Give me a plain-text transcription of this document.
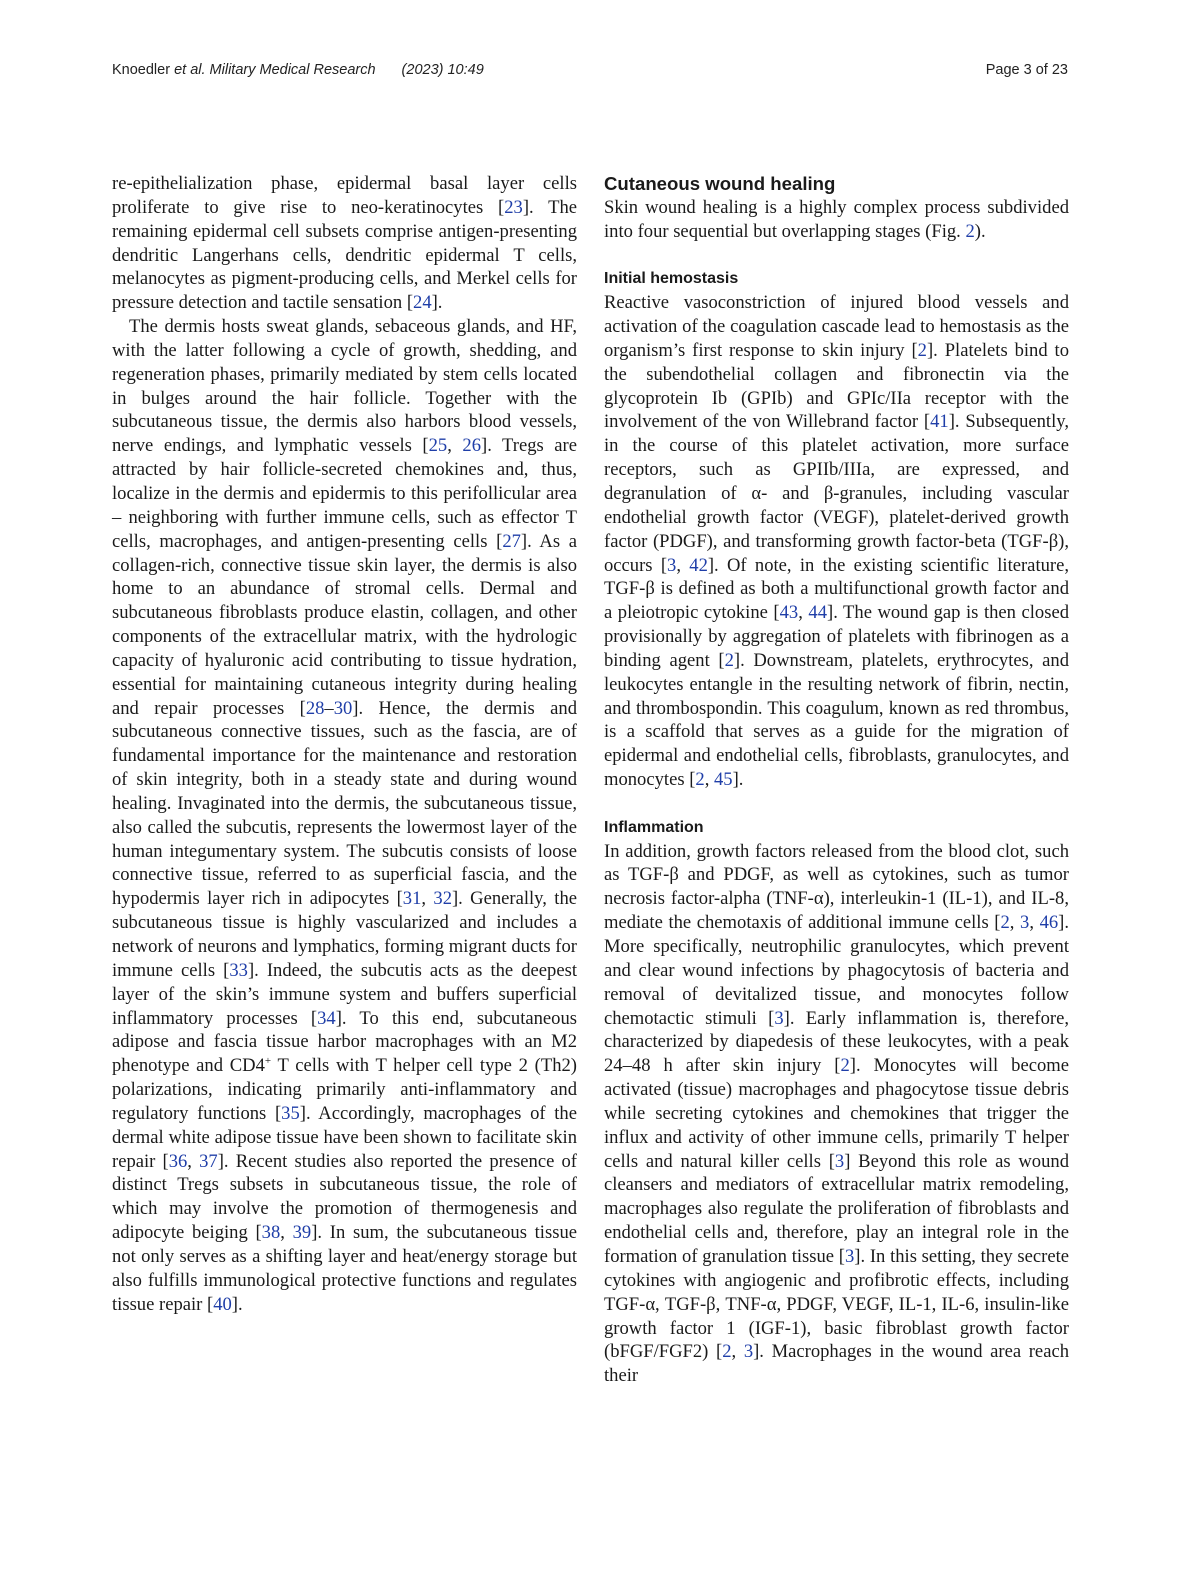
Knoedler et al. Military Medical Research (2023) 10:49	Page 3 of 23

re-epithelialization phase, epidermal basal layer cells proliferate to give rise to neo-keratinocytes [23]. The remaining epidermal cell subsets comprise antigen-presenting dendritic Langerhans cells, dendritic epidermal T cells, melanocytes as pigment-producing cells, and Merkel cells for pressure detection and tactile sensation [24].

The dermis hosts sweat glands, sebaceous glands, and HF, with the latter following a cycle of growth, shedding, and regeneration phases, primarily mediated by stem cells located in bulges around the hair follicle. Together with the subcutaneous tissue, the dermis also harbors blood vessels, nerve endings, and lymphatic vessels [25, 26]. Tregs are attracted by hair follicle-secreted chemokines and, thus, localize in the dermis and epidermis to this perifollicular area – neighboring with further immune cells, such as effector T cells, macrophages, and antigen-presenting cells [27]. As a collagen-rich, connective tissue skin layer, the dermis is also home to an abundance of stromal cells. Dermal and subcutaneous fibroblasts produce elastin, collagen, and other components of the extracellular matrix, with the hydrologic capacity of hyaluronic acid contributing to tissue hydration, essential for maintaining cutaneous integrity during healing and repair processes [28–30]. Hence, the dermis and subcutaneous connective tissues, such as the fascia, are of fundamental importance for the maintenance and restoration of skin integrity, both in a steady state and during wound healing. Invaginated into the dermis, the subcutaneous tissue, also called the subcutis, represents the lowermost layer of the human integumentary system. The subcutis consists of loose connective tissue, referred to as superficial fascia, and the hypodermis layer rich in adipocytes [31, 32]. Generally, the subcutaneous tissue is highly vascularized and includes a network of neurons and lymphatics, forming migrant ducts for immune cells [33]. Indeed, the subcutis acts as the deepest layer of the skin’s immune system and buffers superficial inflammatory processes [34]. To this end, subcutaneous adipose and fascia tissue harbor macrophages with an M2 phenotype and CD4+ T cells with T helper cell type 2 (Th2) polarizations, indicating primarily anti-inflammatory and regulatory functions [35]. Accordingly, macrophages of the dermal white adipose tissue have been shown to facilitate skin repair [36, 37]. Recent studies also reported the presence of distinct Tregs subsets in subcutaneous tissue, the role of which may involve the promotion of thermogenesis and adipocyte beiging [38, 39]. In sum, the subcutaneous tissue not only serves as a shifting layer and heat/energy storage but also fulfills immunological protective functions and regulates tissue repair [40].

Cutaneous wound healing

Skin wound healing is a highly complex process subdivided into four sequential but overlapping stages (Fig. 2).

Initial hemostasis

Reactive vasoconstriction of injured blood vessels and activation of the coagulation cascade lead to hemostasis as the organism’s first response to skin injury [2]. Platelets bind to the subendothelial collagen and fibronectin via the glycoprotein Ib (GPIb) and GPIc/IIa receptor with the involvement of the von Willebrand factor [41]. Subsequently, in the course of this platelet activation, more surface receptors, such as GPIIb/IIIa, are expressed, and degranulation of α- and β-granules, including vascular endothelial growth factor (VEGF), platelet-derived growth factor (PDGF), and transforming growth factor-beta (TGF-β), occurs [3, 42]. Of note, in the existing scientific literature, TGF-β is defined as both a multifunctional growth factor and a pleiotropic cytokine [43, 44]. The wound gap is then closed provisionally by aggregation of platelets with fibrinogen as a binding agent [2]. Downstream, platelets, erythrocytes, and leukocytes entangle in the resulting network of fibrin, nectin, and thrombospondin. This coagulum, known as red thrombus, is a scaffold that serves as a guide for the migration of epidermal and endothelial cells, fibroblasts, granulocytes, and monocytes [2, 45].

Inflammation

In addition, growth factors released from the blood clot, such as TGF-β and PDGF, as well as cytokines, such as tumor necrosis factor-alpha (TNF-α), interleukin-1 (IL-1), and IL-8, mediate the chemotaxis of additional immune cells [2, 3, 46]. More specifically, neutrophilic granulocytes, which prevent and clear wound infections by phagocytosis of bacteria and removal of devitalized tissue, and monocytes follow chemotactic stimuli [3]. Early inflammation is, therefore, characterized by diapedesis of these leukocytes, with a peak 24–48 h after skin injury [2]. Monocytes will become activated (tissue) macrophages and phagocytose tissue debris while secreting cytokines and chemokines that trigger the influx and activity of other immune cells, primarily T helper cells and natural killer cells [3] Beyond this role as wound cleansers and mediators of extracellular matrix remodeling, macrophages also regulate the proliferation of fibroblasts and endothelial cells and, therefore, play an integral role in the formation of granulation tissue [3]. In this setting, they secrete cytokines with angiogenic and profibrotic effects, including TGF-α, TGF-β, TNF-α, PDGF, VEGF, IL-1, IL-6, insulin-like growth factor 1 (IGF-1), basic fibroblast growth factor (bFGF/FGF2) [2, 3]. Macrophages in the wound area reach their
